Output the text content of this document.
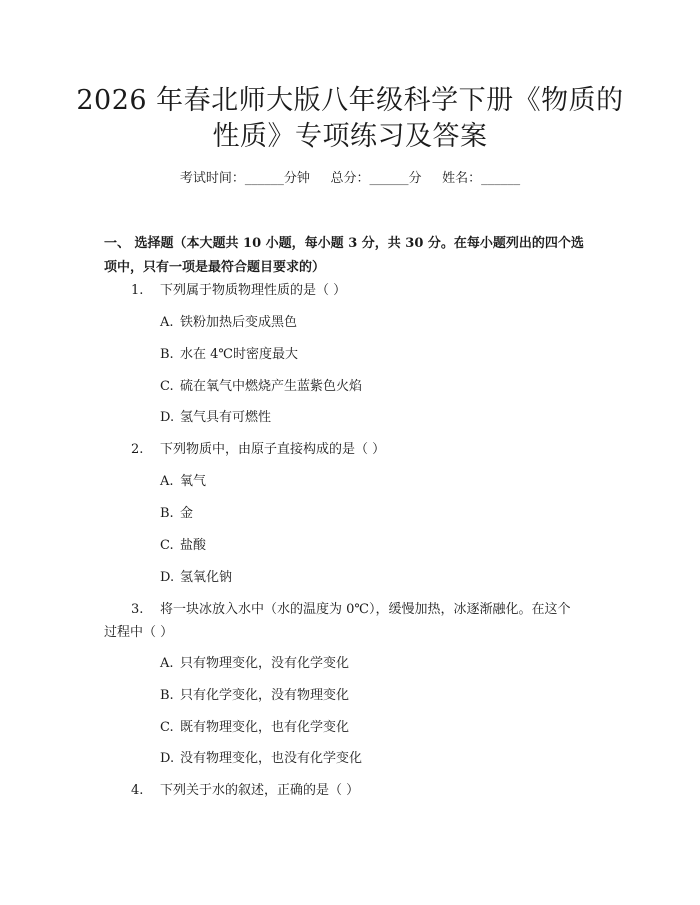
2026 年春北师大版八年级科学下册《物质的
性质》专项练习及答案
考试时间：______分钟     总分：______分     姓名：______
一、 选择题（本大题共 10 小题，每小题 3 分，共 30 分。在每小题列出的四个选
项中，只有一项是最符合题目要求的）
1. 下列属于物质物理性质的是（ ）
A. 铁粉加热后变成黑色
B. 水在 4℃时密度最大
C. 硫在氧气中燃烧产生蓝紫色火焰
D. 氢气具有可燃性
2. 下列物质中，由原子直接构成的是（ ）
A. 氧气
B. 金
C. 盐酸
D. 氢氧化钠
3. 将一块冰放入水中（水的温度为 0℃），缓慢加热，冰逐渐融化。在这个
过程中（ ）
A. 只有物理变化，没有化学变化
B. 只有化学变化，没有物理变化
C. 既有物理变化，也有化学变化
D. 没有物理变化，也没有化学变化
4. 下列关于水的叙述，正确的是（ ）
